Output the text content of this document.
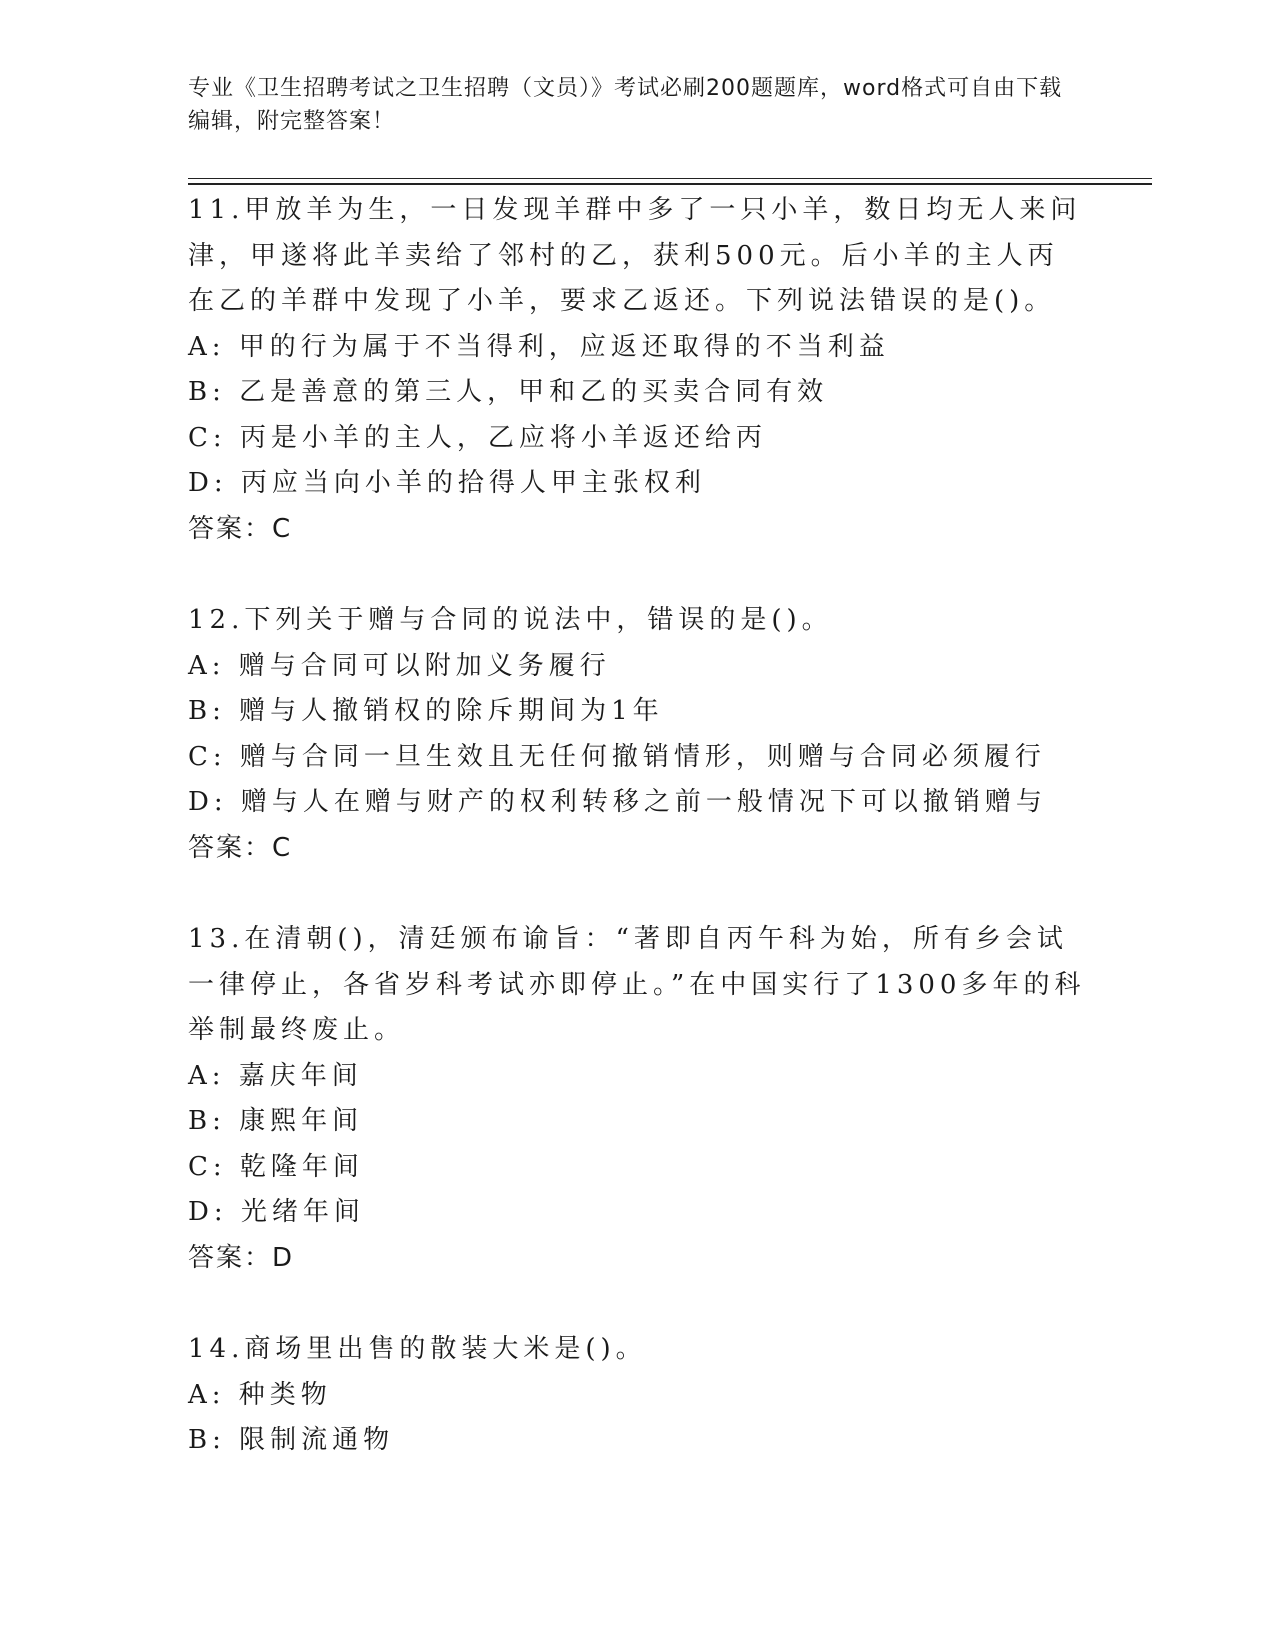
专业《卫生招聘考试之卫生招聘（文员）》考试必刷200题题库，word格式可自由下载编辑，附完整答案！

11.甲放羊为生，一日发现羊群中多了一只小羊，数日均无人来问津，甲遂将此羊卖给了邻村的乙，获利500元。后小羊的主人丙在乙的羊群中发现了小羊，要求乙返还。下列说法错误的是()。

A: 甲的行为属于不当得利，应返还取得的不当利益

B: 乙是善意的第三人，甲和乙的买卖合同有效

C: 丙是小羊的主人，乙应将小羊返还给丙

D: 丙应当向小羊的拾得人甲主张权利

答案：C

12.下列关于赠与合同的说法中，错误的是()。

A: 赠与合同可以附加义务履行

B: 赠与人撤销权的除斥期间为1年

C: 赠与合同一旦生效且无任何撤销情形，则赠与合同必须履行

D: 赠与人在赠与财产的权利转移之前一般情况下可以撤销赠与

答案：C

13.在清朝()，清廷颁布谕旨：“著即自丙午科为始，所有乡会试一律停止，各省岁科考试亦即停止。”在中国实行了1300多年的科举制最终废止。

A: 嘉庆年间

B: 康熙年间

C: 乾隆年间

D: 光绪年间

答案：D

14.商场里出售的散装大米是()。

A: 种类物

B: 限制流通物
